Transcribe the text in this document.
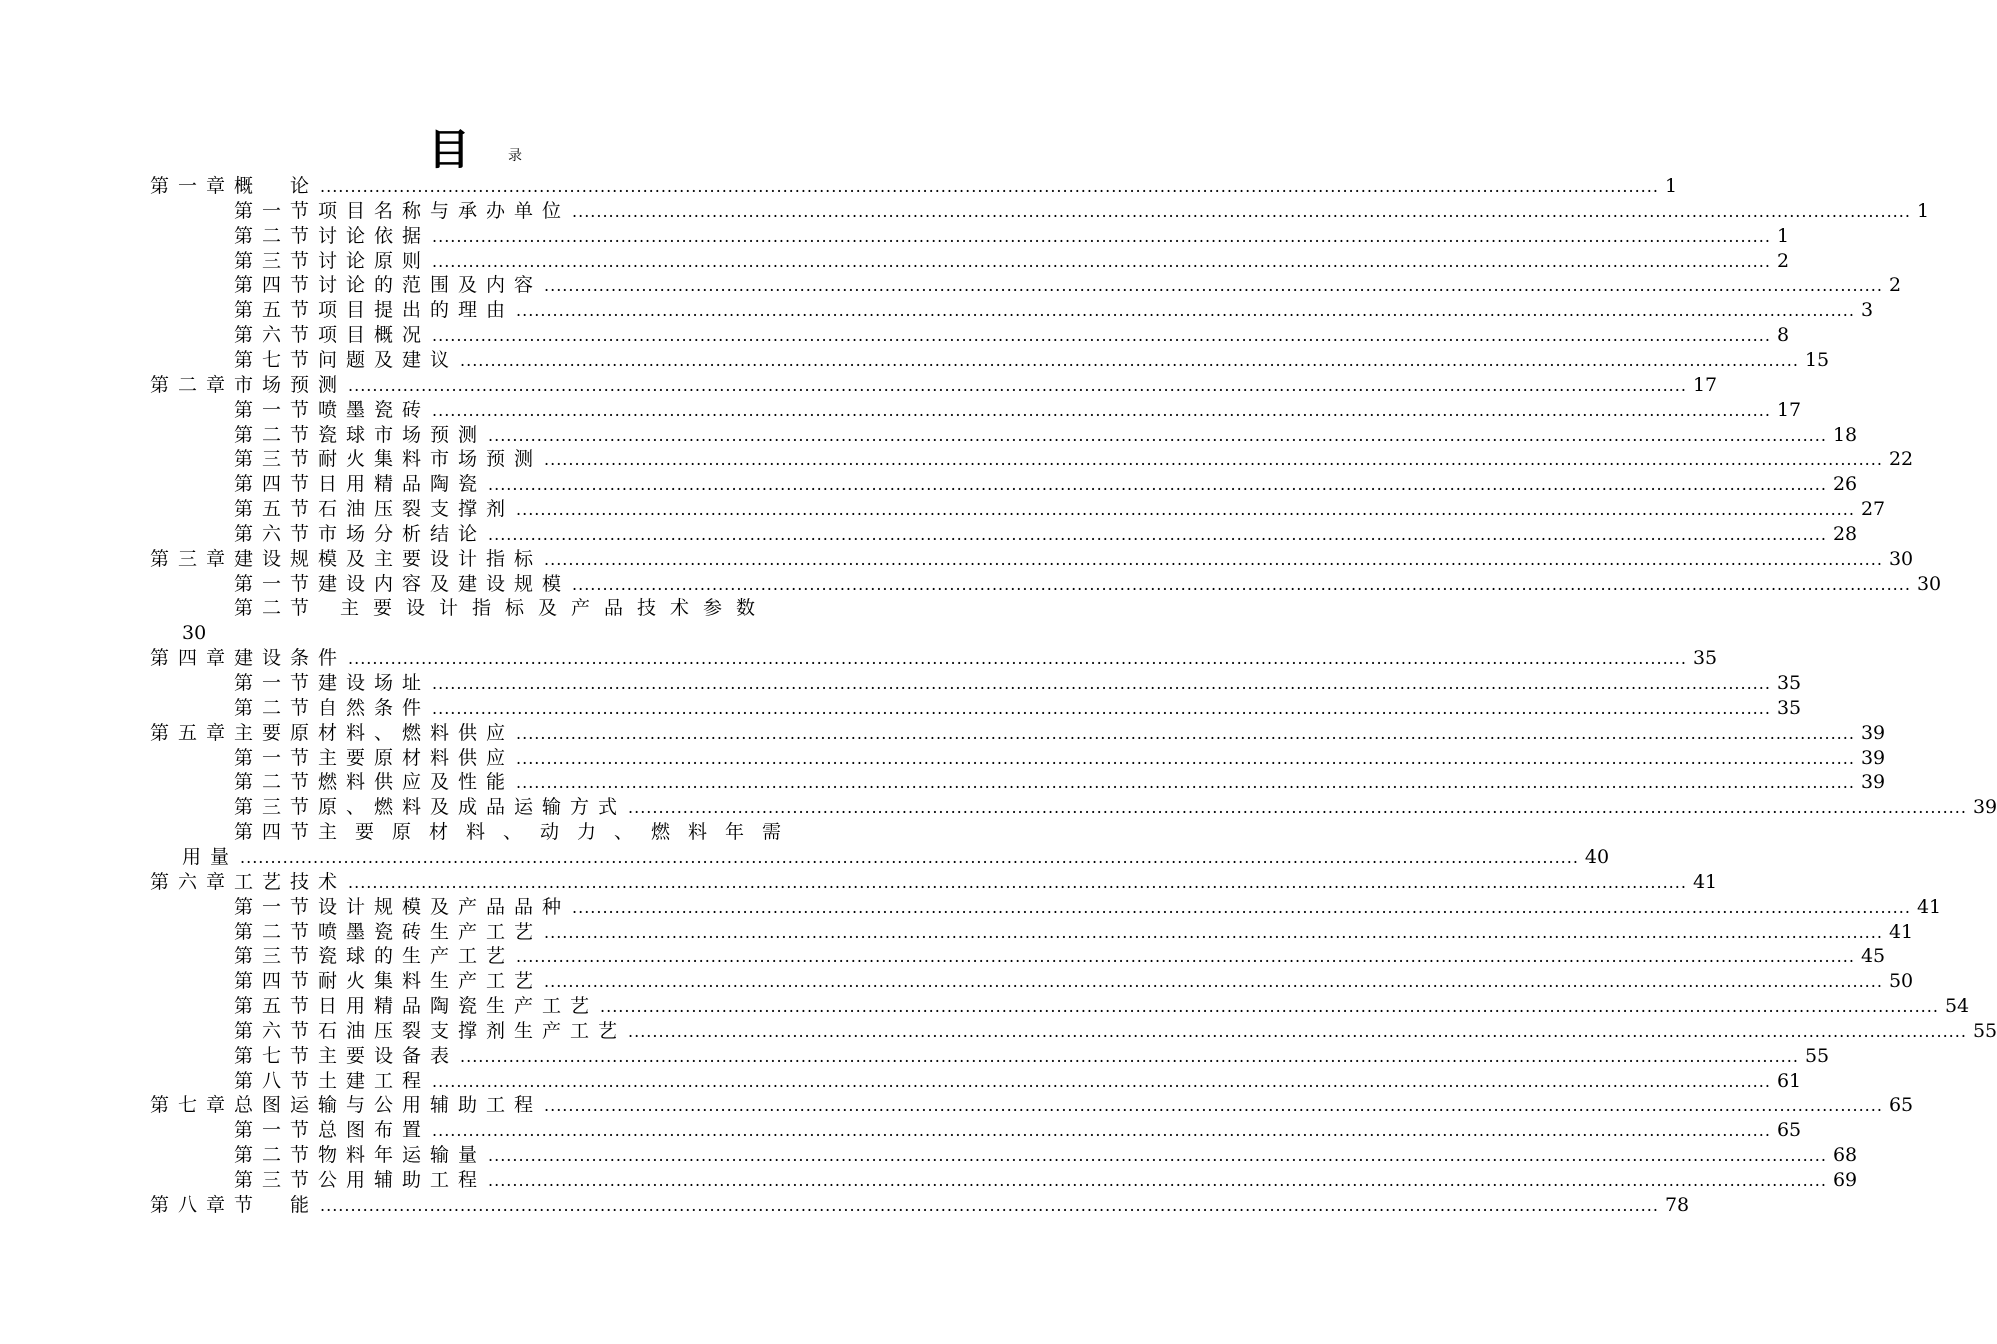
目	录
第一章 概　论 ............................................................................................................................................................................................................................ 1
第一节 项目名称与承办单位 ............................................................................................................................................................................................................................ 1
第二节 讨论依据 ............................................................................................................................................................................................................................ 1
第三节 讨论原则 ............................................................................................................................................................................................................................ 2
第四节 讨论的范围及内容 ............................................................................................................................................................................................................................ 2
第五节 项目提出的理由 ............................................................................................................................................................................................................................ 3
第六节 项目概况 ............................................................................................................................................................................................................................ 8
第七节 问题及建议 ............................................................................................................................................................................................................................ 15
第二章 市场预测 ............................................................................................................................................................................................................................ 17
第一节 喷墨瓷砖 ............................................................................................................................................................................................................................ 17
第二节 瓷球市场预测 ............................................................................................................................................................................................................................ 18
第三节 耐火集料市场预测 ............................................................................................................................................................................................................................ 22
第四节 日用精品陶瓷 ............................................................................................................................................................................................................................ 26
第五节 石油压裂支撑剂 ............................................................................................................................................................................................................................ 27
第六节 市场分析结论 ............................................................................................................................................................................................................................ 28
第三章 建设规模及主要设计指标 ............................................................................................................................................................................................................................ 30
第一节 建设内容及建设规模 ............................................................................................................................................................................................................................ 30
第二节 主要设计指标及产品技术参数
30
第四章 建设条件 ............................................................................................................................................................................................................................ 35
第一节 建设场址 ............................................................................................................................................................................................................................ 35
第二节 自然条件 ............................................................................................................................................................................................................................ 35
第五章 主要原材料、燃料供应 ............................................................................................................................................................................................................................ 39
第一节 主要原材料供应 ............................................................................................................................................................................................................................ 39
第二节 燃料供应及性能 ............................................................................................................................................................................................................................ 39
第三节 原、燃料及成品运输方式 ............................................................................................................................................................................................................................ 39
第四节 主要原材料、动力、燃料年需
用量 ............................................................................................................................................................................................................................ 40
第六章 工艺技术 ............................................................................................................................................................................................................................ 41
第一节 设计规模及产品品种 ............................................................................................................................................................................................................................ 41
第二节 喷墨瓷砖生产工艺 ............................................................................................................................................................................................................................ 41
第三节 瓷球的生产工艺 ............................................................................................................................................................................................................................ 45
第四节 耐火集料生产工艺 ............................................................................................................................................................................................................................ 50
第五节 日用精品陶瓷生产工艺 ............................................................................................................................................................................................................................ 54
第六节 石油压裂支撑剂生产工艺 ............................................................................................................................................................................................................................ 55
第七节 主要设备表 ............................................................................................................................................................................................................................ 55
第八节 土建工程 ............................................................................................................................................................................................................................ 61
第七章 总图运输与公用辅助工程 ............................................................................................................................................................................................................................ 65
第一节 总图布置 ............................................................................................................................................................................................................................ 65
第二节 物料年运输量 ............................................................................................................................................................................................................................ 68
第三节 公用辅助工程 ............................................................................................................................................................................................................................ 69
第八章 节　能 ............................................................................................................................................................................................................................ 78
